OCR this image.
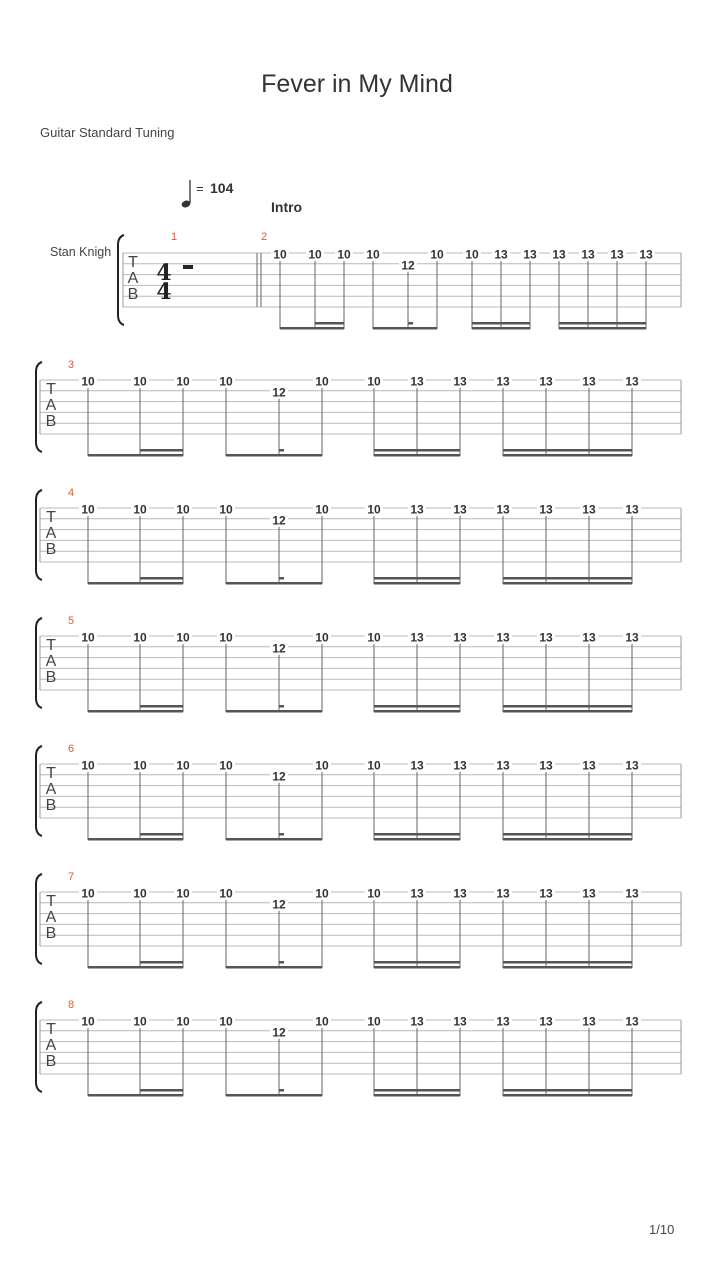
Fever in My Mind
Guitar Standard Tuning
= 104
Intro
Stan Knigh
T
A
B
4
4
1	2
10 10 10 10
12
10 10 13 13 13 13 13 13
T
A
B
3
10	10 10 10
12
10	10 13 13 13 13 13 13
T
A
B
4
10	10 10 10
12
10	10 13 13 13 13 13 13
T
A
B
5
10	10 10 10
12
10	10 13 13 13 13 13 13
T
A
B
6
10	10 10 10
12
10	10 13 13 13 13 13 13
T
A
B
7
10	10 10 10
12
10	10 13 13 13 13 13 13
T
A
B
8
10	10 10 10
12
10	10 13 13 13 13 13 13
1/10
